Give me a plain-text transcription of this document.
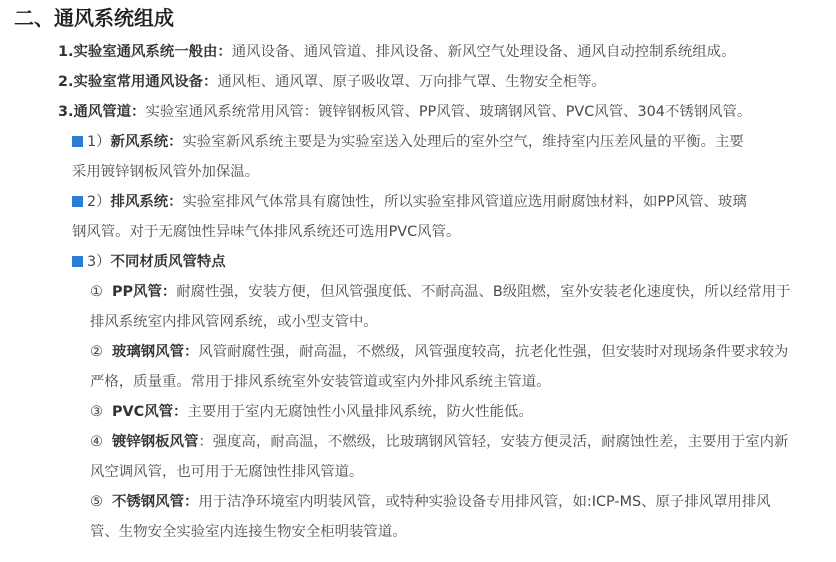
二、通风系统组成
1.实验室通风系统一般由：通风设备、通风管道、排风设备、新风空气处理设备、通风自动控制系统组成。
2.实验室常用通风设备：通风柜、通风罩、原子吸收罩、万向排气罩、生物安全柜等。
3.通风管道：实验室通风系统常用风管：镀锌钢板风管、PP风管、玻璃钢风管、PVC风管、304不锈钢风管。
1）新风系统：实验室新风系统主要是为实验室送入处理后的室外空气，维持室内压差风量的平衡。主要
采用镀锌钢板风管外加保温。
2）排风系统：实验室排风气体常具有腐蚀性，所以实验室排风管道应选用耐腐蚀材料，如PP风管、玻璃
钢风管。对于无腐蚀性异味气体排风系统还可选用PVC风管。
3）不同材质风管特点
① PP风管：耐腐性强，安装方便，但风管强度低、不耐高温、B级阻燃，室外安装老化速度快，所以经常用于
排风系统室内排风管网系统，或小型支管中。
② 玻璃钢风管：风管耐腐性强，耐高温，不燃级，风管强度较高，抗老化性强，但安装时对现场条件要求较为
严格，质量重。常用于排风系统室外安装管道或室内外排风系统主管道。
③ PVC风管：主要用于室内无腐蚀性小风量排风系统，防火性能低。
④ 镀锌钢板风管：强度高，耐高温，不燃级，比玻璃钢风管轻，安装方便灵活，耐腐蚀性差，主要用于室内新
风空调风管，也可用于无腐蚀性排风管道。
⑤ 不锈钢风管：用于洁净环境室内明装风管，或特种实验设备专用排风管，如:ICP-MS、原子排风罩用排风
管、生物安全实验室内连接生物安全柜明装管道。
